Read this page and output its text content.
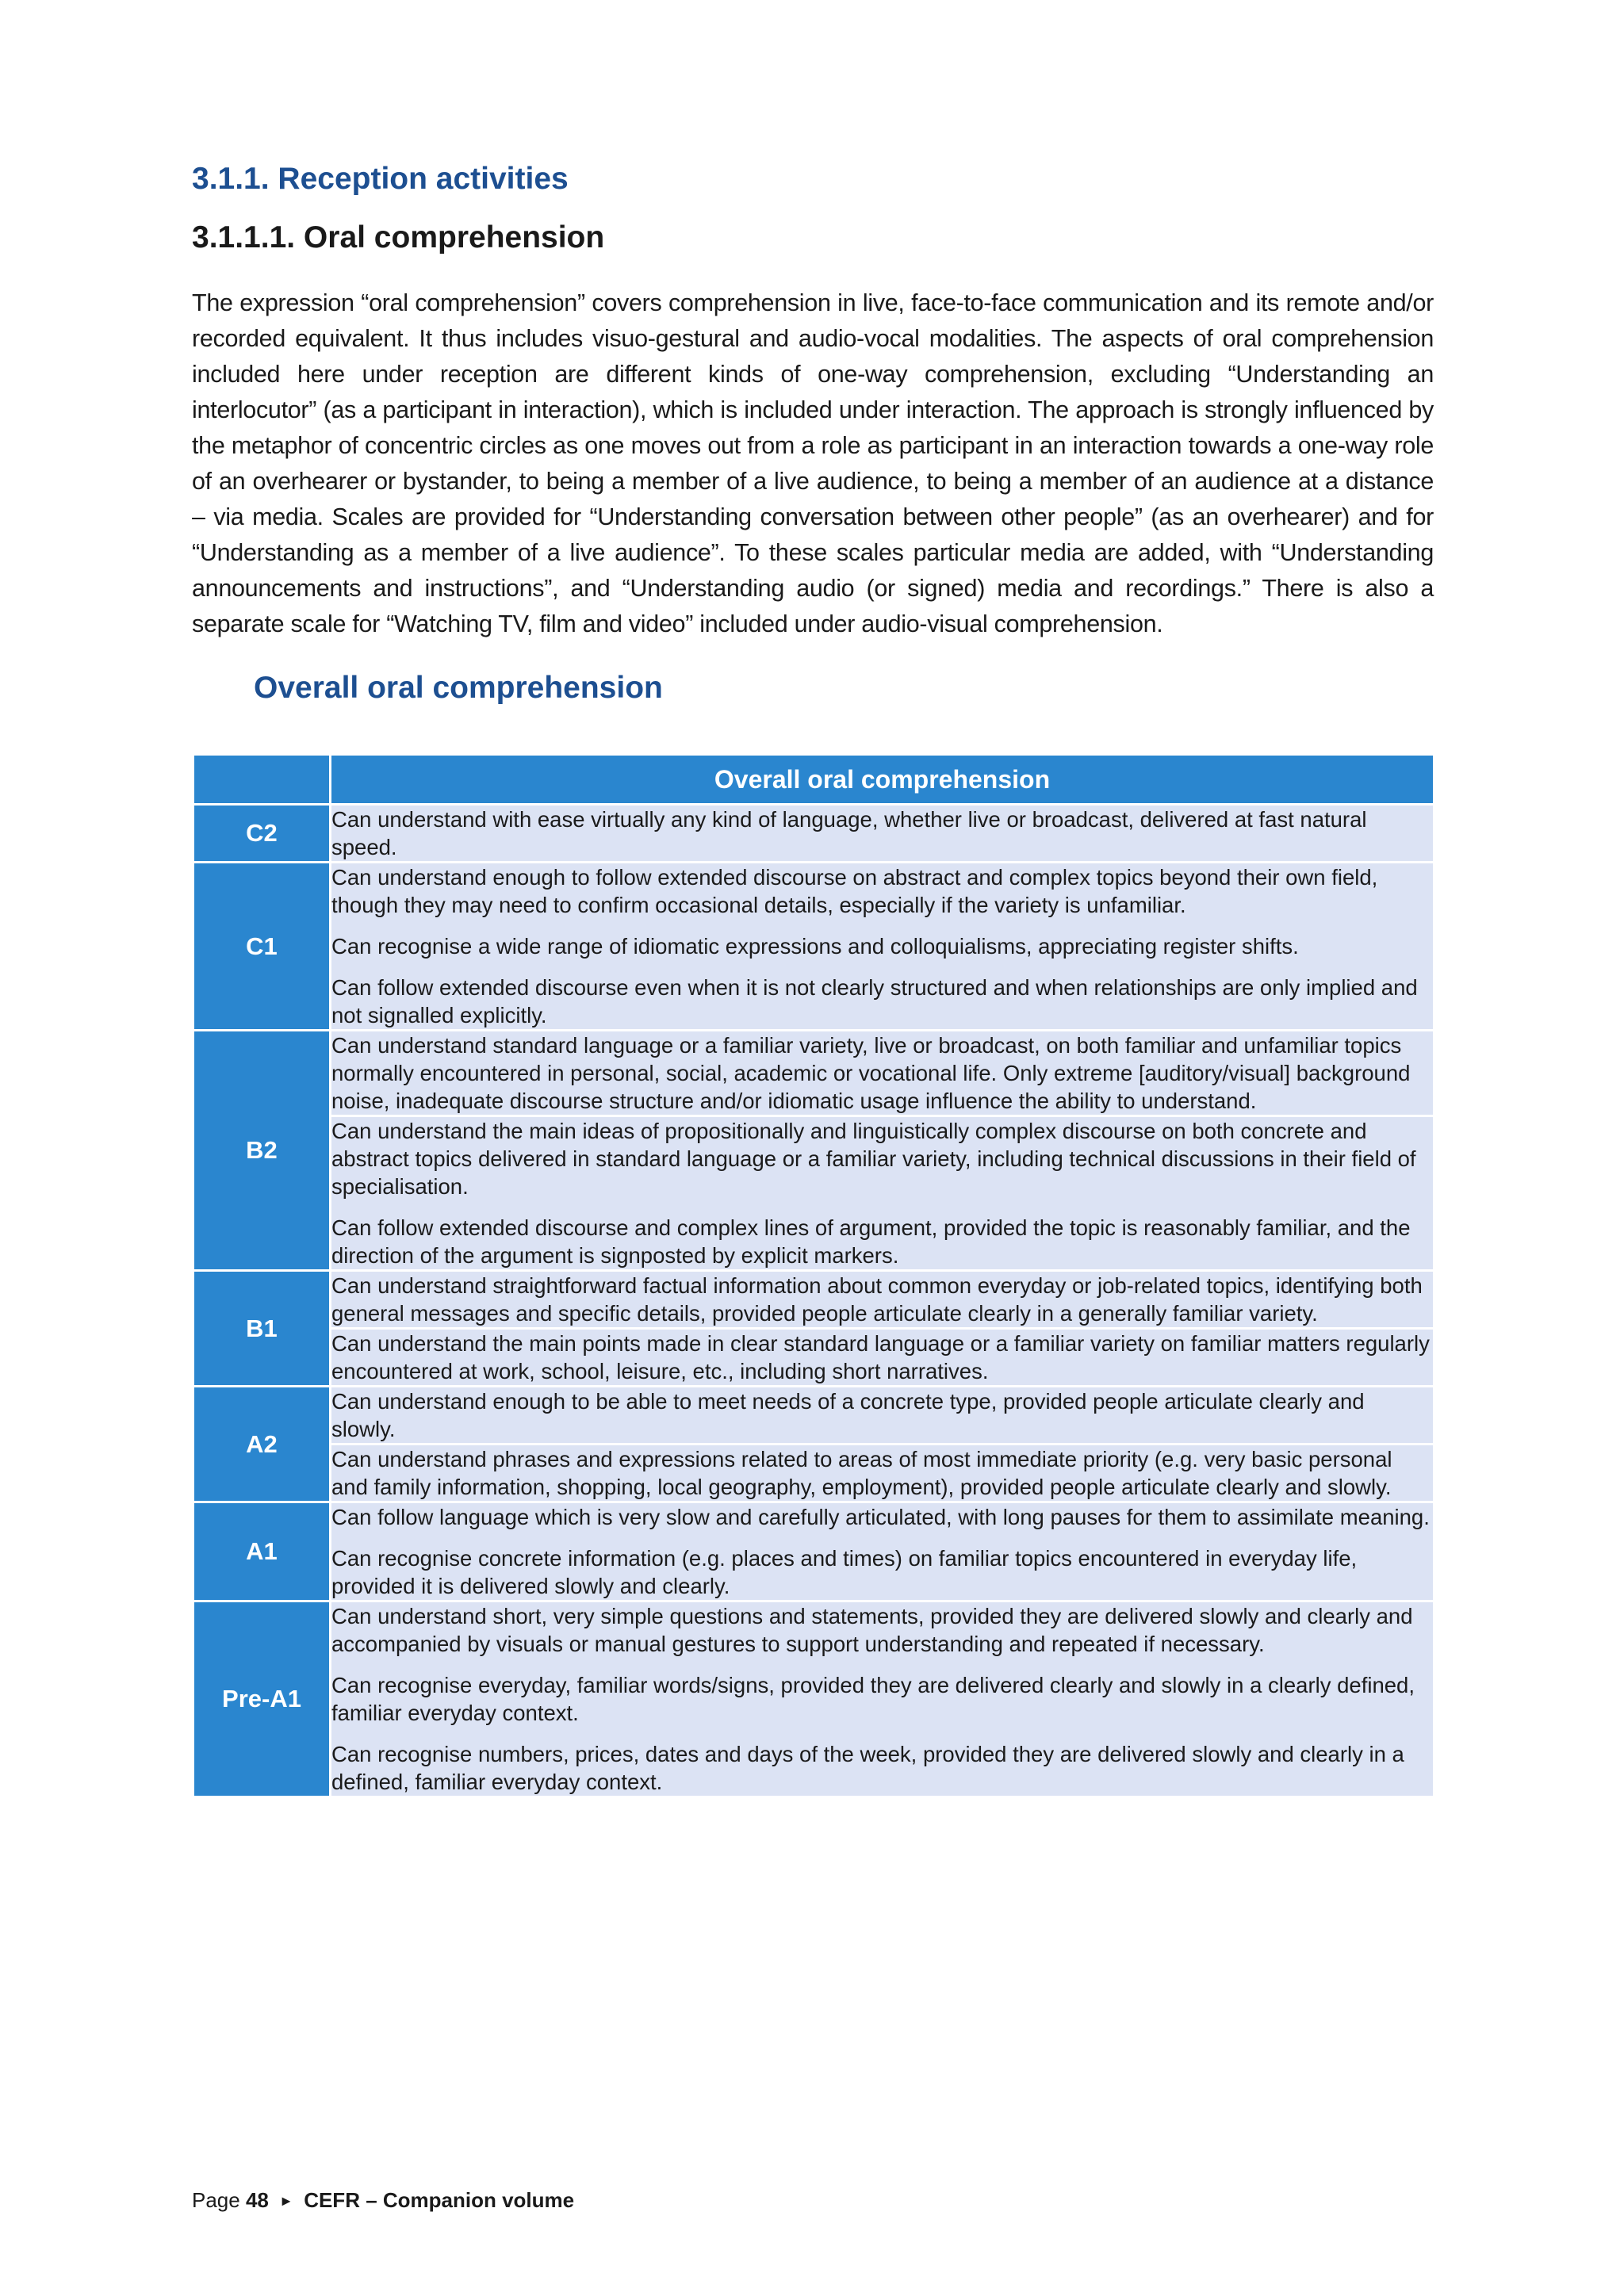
3.1.1. Reception activities
3.1.1.1. Oral comprehension

The expression “oral comprehension” covers comprehension in live, face-to-face communication and its remote and/or recorded equivalent. It thus includes visuo-gestural and audio-vocal modalities. The aspects of oral comprehension included here under reception are different kinds of one-way comprehension, excluding “Understanding an interlocutor” (as a participant in interaction), which is included under interaction. The approach is strongly influenced by the metaphor of concentric circles as one moves out from a role as participant in an interaction towards a one-way role of an overhearer or bystander, to being a member of a live audience, to being a member of an audience at a distance – via media. Scales are provided for “Understanding conversation between other people” (as an overhearer) and for “Understanding as a member of a live audience”. To these scales particular media are added, with “Understanding announcements and instructions”, and “Understanding audio (or signed) media and recordings.” There is also a separate scale for “Watching TV, film and video” included under audio-visual comprehension.

Overall oral comprehension
	Overall oral comprehension
C2	Can understand with ease virtually any kind of language, whether live or broadcast, delivered at fast natural speed.

C1	Can understand enough to follow extended discourse on abstract and complex topics beyond their own field, though they may need to confirm occasional details, especially if the variety is unfamiliar.
Can recognise a wide range of idiomatic expressions and colloquialisms, appreciating register shifts.
Can follow extended discourse even when it is not clearly structured and when relationships are only implied and not signalled explicitly.

B2	Can understand standard language or a familiar variety, live or broadcast, on both familiar and unfamiliar topics normally encountered in personal, social, academic or vocational life. Only extreme [auditory/visual] background noise, inadequate discourse structure and/or idiomatic usage influence the ability to understand.

	Can understand the main ideas of propositionally and linguistically complex discourse on both concrete and abstract topics delivered in standard language or a familiar variety, including technical discussions in their field of specialisation.
Can follow extended discourse and complex lines of argument, provided the topic is reasonably familiar, and the direction of the argument is signposted by explicit markers.

B1	Can understand straightforward factual information about common everyday or job-related topics, identifying both general messages and specific details, provided people articulate clearly in a generally familiar variety.

	Can understand the main points made in clear standard language or a familiar variety on familiar matters regularly encountered at work, school, leisure, etc., including short narratives.

A2	Can understand enough to be able to meet needs of a concrete type, provided people articulate clearly and slowly.

	Can understand phrases and expressions related to areas of most immediate priority (e.g. very basic personal and family information, shopping, local geography, employment), provided people articulate clearly and slowly.

A1	Can follow language which is very slow and carefully articulated, with long pauses for them to assimilate meaning.
Can recognise concrete information (e.g. places and times) on familiar topics encountered in everyday life, provided it is delivered slowly and clearly.

Pre-A1	Can understand short, very simple questions and statements, provided they are delivered slowly and clearly and accompanied by visuals or manual gestures to support understanding and repeated if necessary.
Can recognise everyday, familiar words/signs, provided they are delivered clearly and slowly in a clearly defined, familiar everyday context.
Can recognise numbers, prices, dates and days of the week, provided they are delivered slowly and clearly in a defined, familiar everyday context.

Page 48 ► CEFR – Companion volume
